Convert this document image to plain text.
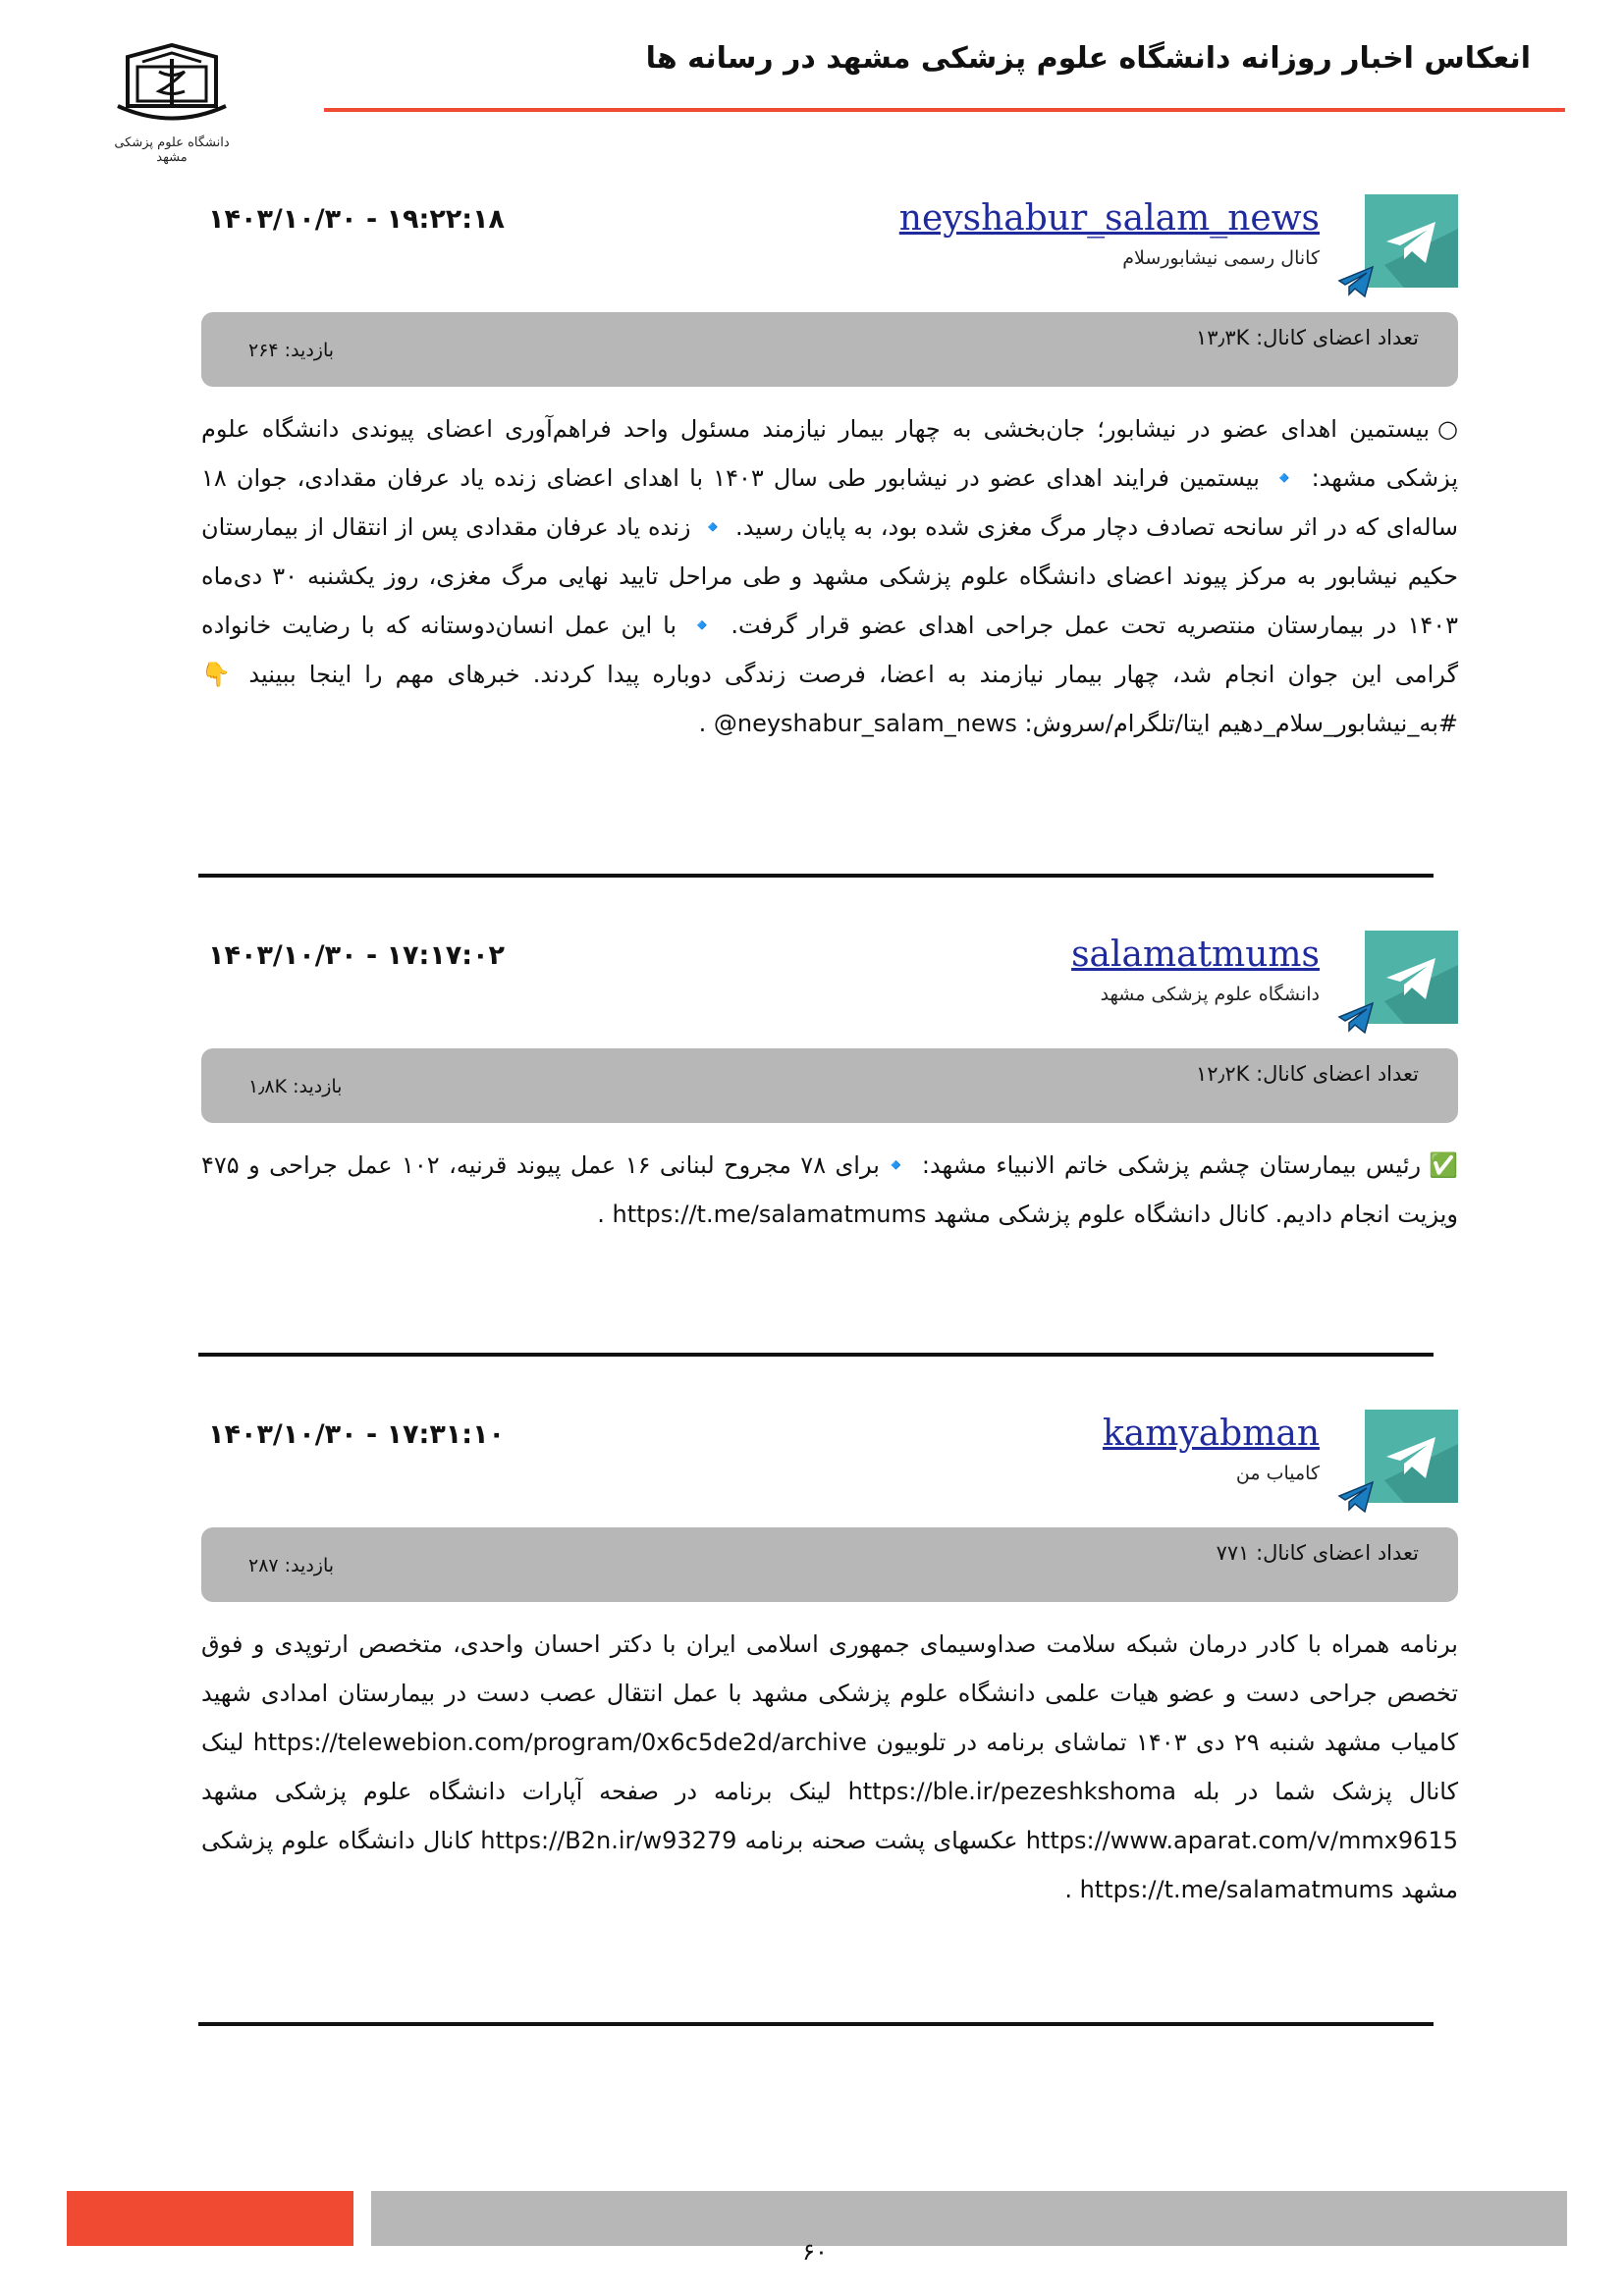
دانشگاه علوم پزشکی مشهد
انعکاس اخبار روزانه دانشگاه علوم پزشکی مشهد در رسانه ها
neyshabur_salam_news
کانال رسمی نیشابورسلام
۱۴۰۳/۱۰/۳۰ - ۱۹:۲۲:۱۸
تعداد اعضای کانال: ۱۳٫۳K
بازدید: ۲۶۴
○بیستمین اهدای عضو در نیشابور؛ جان‌بخشی به چهار بیمار نیازمند مسئول واحد فراهم‌آوری اعضای پیوندی دانشگاه علوم پزشکی مشهد: 🔹 بیستمین فرایند اهدای عضو در نیشابور طی سال ۱۴۰۳ با اهدای اعضای زنده یاد عرفان مقدادی، جوان ۱۸ ساله‌ای که در اثر سانحه تصادف دچار مرگ مغزی شده بود، به پایان رسید. 🔹 زنده یاد عرفان مقدادی پس از انتقال از بیمارستان حکیم نیشابور به مرکز پیوند اعضای دانشگاه علوم پزشکی مشهد و طی مراحل تایید نهایی مرگ مغزی، روز یکشنبه ۳۰ دی‌ماه ۱۴۰۳ در بیمارستان منتصریه تحت عمل جراحی اهدای عضو قرار گرفت. 🔹 با این عمل انسان‌دوستانه که با رضایت خانواده گرامی این جوان انجام شد، چهار بیمار نیازمند به اعضا، فرصت زندگی دوباره پیدا کردند. خبرهای مهم را اینجا ببینید 👇 #به_نیشابور_سلام_دهیم ایتا/تلگرام/سروش: ‎@neyshabur_salam_news .
salamatmums
دانشگاه علوم پزشکی مشهد
۱۴۰۳/۱۰/۳۰ - ۱۷:۱۷:۰۲
تعداد اعضای کانال: ۱۲٫۲K
بازدید: ۱٫۸K
✅رئیس بیمارستان چشم پزشکی خاتم الانبیاء مشهد: 🔹برای ۷۸ مجروح لبنانی ۱۶ عمل پیوند قرنیه، ۱۰۲ عمل جراحی و ۴۷۵ ویزیت انجام دادیم. کانال دانشگاه علوم پزشکی مشهد https://t.me/salamatmums .
kamyabman
کامیاب من
۱۴۰۳/۱۰/۳۰ - ۱۷:۳۱:۱۰
تعداد اعضای کانال: ۷۷۱
بازدید: ۲۸۷
برنامه همراه با کادر درمان شبکه سلامت صداوسیمای جمهوری اسلامی ایران با دکتر احسان واحدی، متخصص ارتوپدی و فوق تخصص جراحی دست و عضو هیات علمی دانشگاه علوم پزشکی مشهد با عمل انتقال عصب دست در بیمارستان امدادی شهید کامیاب مشهد شنبه ۲۹ دی ۱۴۰۳ تماشای برنامه در تلوبیون https://telewebion.com/program/0x6c5de2d/archive لینک کانال پزشک شما در بله https://ble.ir/pezeshkshoma لینک برنامه در صفحه آپارات دانشگاه علوم پزشکی مشهد https://www.aparat.com/v/mmx9615 عکسهای پشت صحنه برنامه https://B2n.ir/w93279 کانال دانشگاه علوم پزشکی مشهد https://t.me/salamatmums .
۶۰
